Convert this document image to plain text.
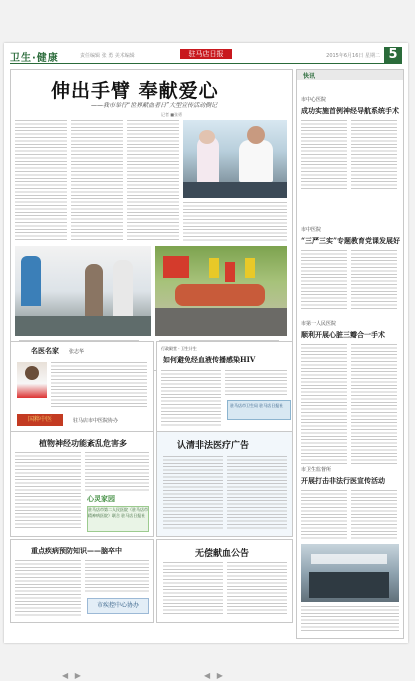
卫生·健康	责任编辑 张 勇 美术编辑	驻马店日报	2015年6月16日 星期二 5
伸出手臂 奉献爱心
——我市举行“世界献血者日”大型宣传活动侧记
记者 ■张勇
快讯
市中心医院
成功实施首例神经导航系统手术
市中医院
“三严三实”专题教育党课发展好
市第一人民医院
顺利开展心脏三瓣合一手术
市卫生监督所
开展打击非法行医宣传活动
名医名家 张志华
国粹中医	驻马店市中医院协办
行政殿堂 · 卫生计生
如何避免经血液传播感染HIV
驻马店市卫生局 驻马店日报社
植物神经功能紊乱危害多
心灵家园
驻马店市第二人民医院（驻马店市精神病医院）联合 驻马店日报社
认清非法医疗广告
重点疾病预防知识——脑卒中
市疾控中心协办
无偿献血公告
◀ ▶	◀ ▶
